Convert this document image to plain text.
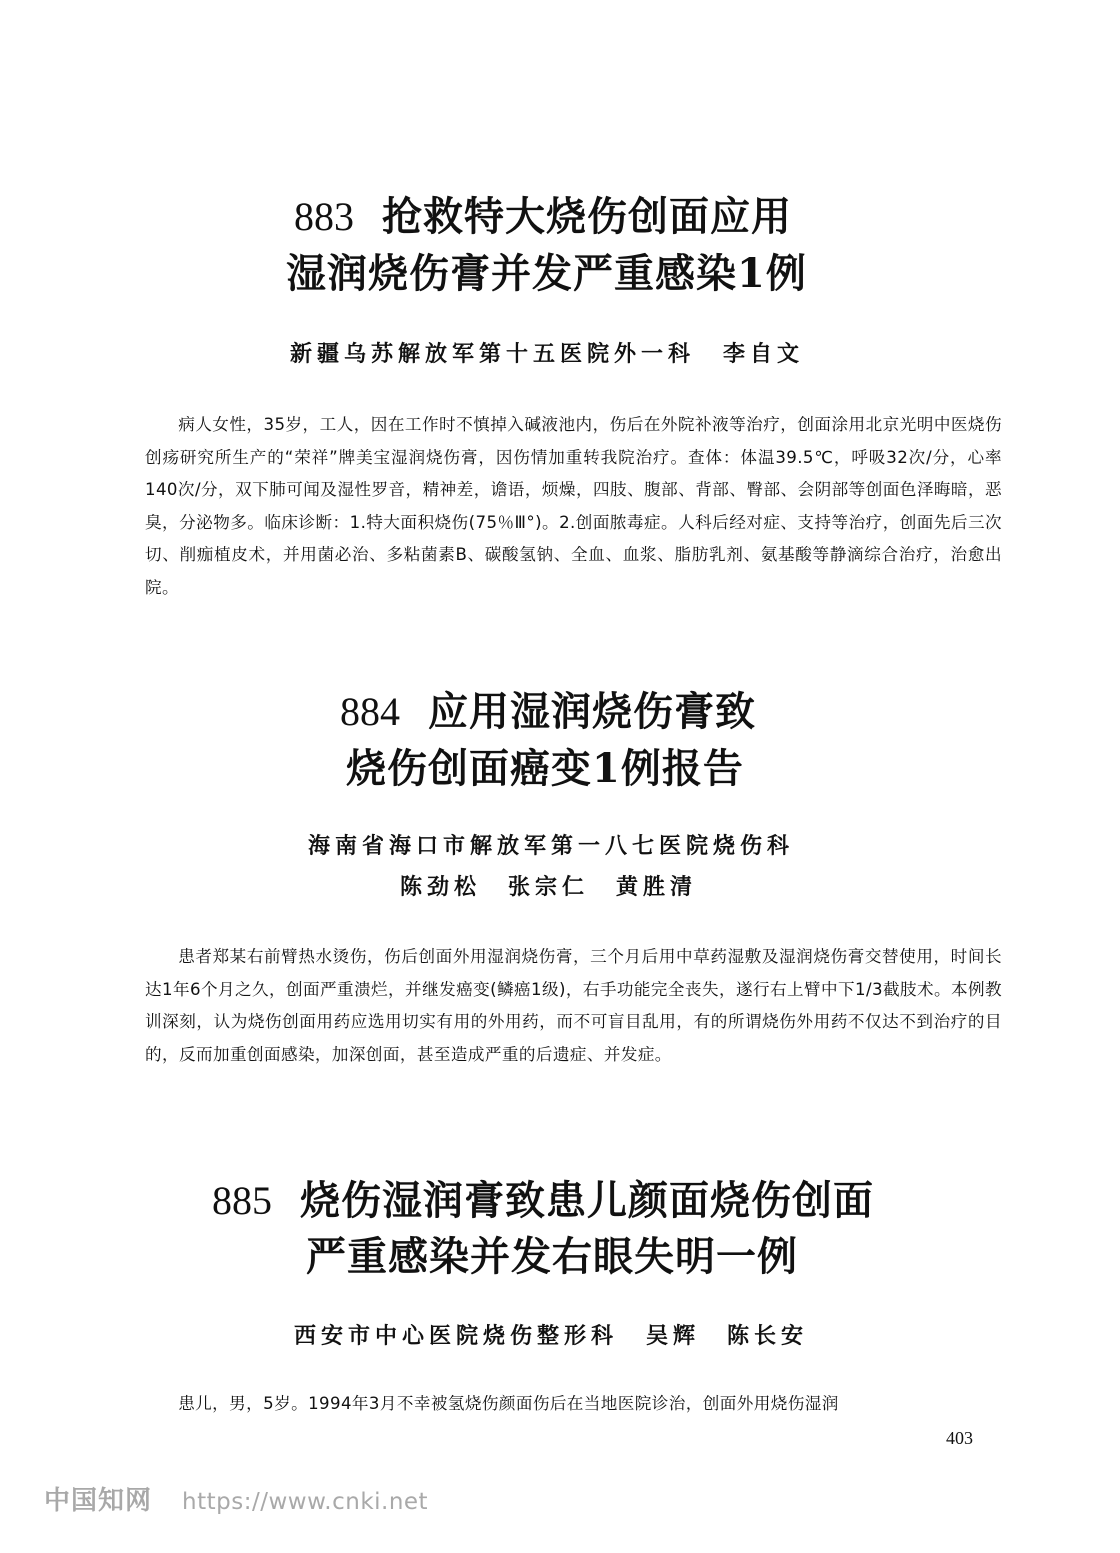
883 抢救特大烧伤创面应用
湿润烧伤膏并发严重感染1例
新疆乌苏解放军第十五医院外一科 李自文
病人女性，35岁，工人，因在工作时不慎掉入碱液池内，伤后在外院补液等治疗，创面涂用北京光明中医烧伤创疡研究所生产的“荣祥”牌美宝湿润烧伤膏，因伤情加重转我院治疗。查体：体温39.5℃，呼吸32次/分，心率140次/分，双下肺可闻及湿性罗音，精神差，谵语，烦燥，四肢、腹部、背部、臀部、会阴部等创面色泽晦暗，恶臭，分泌物多。临床诊断：1.特大面积烧伤(75％Ⅲ°)。2.创面脓毒症。人科后经对症、支持等治疗，创面先后三次切、削痂植皮术，并用菌必治、多粘菌素B、碳酸氢钠、全血、血浆、脂肪乳剂、氨基酸等静滴综合治疗，治愈出院。
884 应用湿润烧伤膏致
烧伤创面癌变1例报告
海南省海口市解放军第一八七医院烧伤科
陈劲松　张宗仁　黄胜清
患者郑某右前臂热水烫伤，伤后创面外用湿润烧伤膏，三个月后用中草药湿敷及湿润烧伤膏交替使用，时间长达1年6个月之久，创面严重溃烂，并继发癌变(鳞癌1级)，右手功能完全丧失，遂行右上臂中下1/3截肢术。本例教训深刻，认为烧伤创面用药应选用切实有用的外用药，而不可盲目乱用，有的所谓烧伤外用药不仅达不到治疗的目的，反而加重创面感染，加深创面，甚至造成严重的后遗症、并发症。
885 烧伤湿润膏致患儿颜面烧伤创面
严重感染并发右眼失明一例
西安市中心医院烧伤整形科 吴辉　陈长安
患儿，男，5岁。1994年3月不幸被氢烧伤颜面伤后在当地医院诊治，创面外用烧伤湿润
403
中国知网 https://www.cnki.net
